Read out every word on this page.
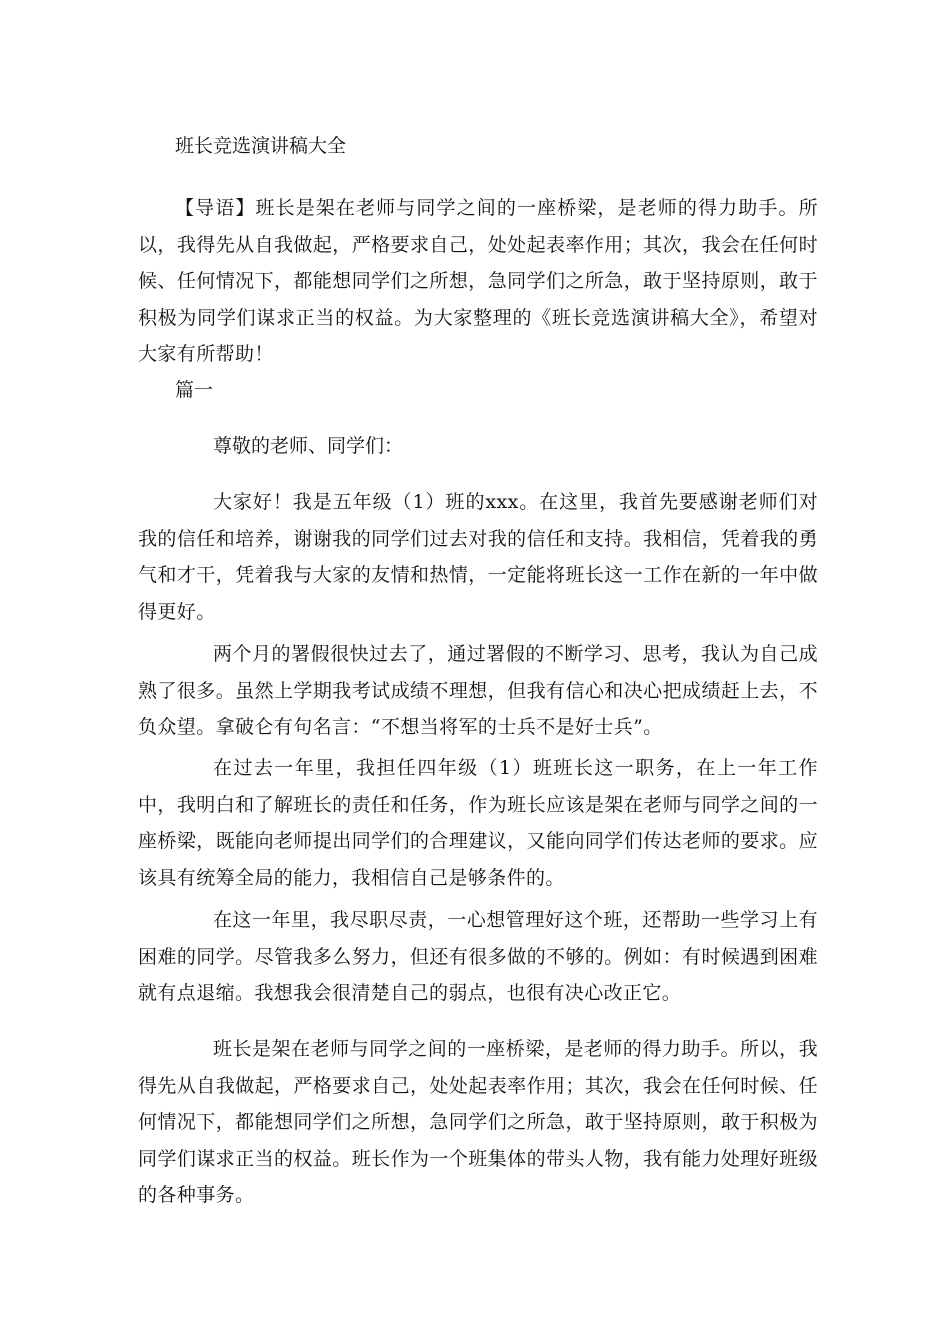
班长竞选演讲稿大全

【导语】班长是架在老师与同学之间的一座桥梁，是老师的得力助手。所以，我得先从自我做起，严格要求自己，处处起表率作用；其次，我会在任何时候、任何情况下，都能想同学们之所想，急同学们之所急，敢于坚持原则，敢于积极为同学们谋求正当的权益。为大家整理的《班长竞选演讲稿大全》，希望对大家有所帮助！

篇一
尊敬的老师、同学们：

大家好！我是五年级（1）班的xxx。在这里，我首先要感谢老师们对我的信任和培养，谢谢我的同学们过去对我的信任和支持。我相信，凭着我的勇气和才干，凭着我与大家的友情和热情，一定能将班长这一工作在新的一年中做得更好。

两个月的署假很快过去了，通过署假的不断学习、思考，我认为自己成熟了很多。虽然上学期我考试成绩不理想，但我有信心和决心把成绩赶上去，不负众望。拿破仑有句名言：“不想当将军的士兵不是好士兵”。

在过去一年里，我担任四年级（1）班班长这一职务，在上一年工作中，我明白和了解班长的责任和任务，作为班长应该是架在老师与同学之间的一座桥梁，既能向老师提出同学们的合理建议，又能向同学们传达老师的要求。应该具有统筹全局的能力，我相信自己是够条件的。

在这一年里，我尽职尽责，一心想管理好这个班，还帮助一些学习上有困难的同学。尽管我多么努力，但还有很多做的不够的。例如：有时候遇到困难就有点退缩。我想我会很清楚自己的弱点，也很有决心改正它。

班长是架在老师与同学之间的一座桥梁，是老师的得力助手。所以，我得先从自我做起，严格要求自己，处处起表率作用；其次，我会在任何时候、任何情况下，都能想同学们之所想，急同学们之所急，敢于坚持原则，敢于积极为同学们谋求正当的权益。班长作为一个班集体的带头人物，我有能力处理好班级的各种事务。
